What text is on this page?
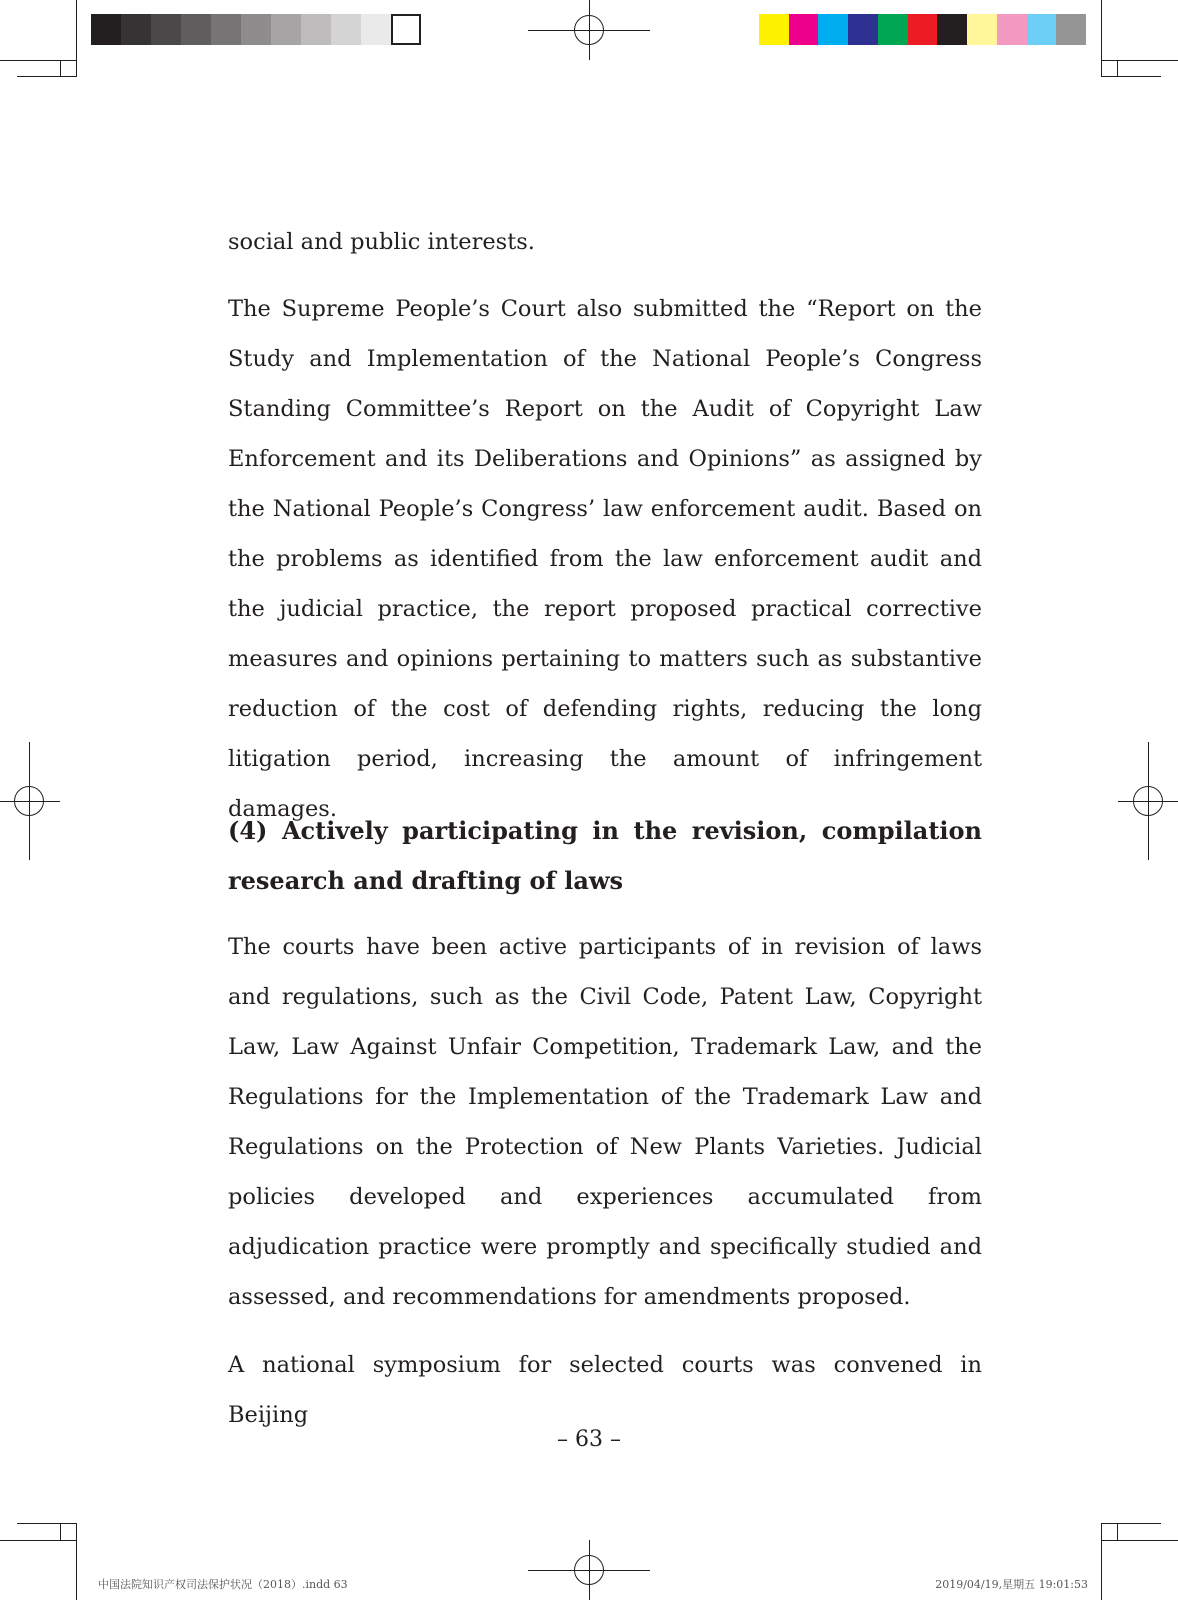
social and public interests.

The Supreme People’s Court also submitted the “Report on the Study and Implementation of the National People’s Congress Standing Committee’s Report on the Audit of Copyright Law Enforcement and its Deliberations and Opinions” as assigned by the National People’s Congress’ law enforcement audit. Based on the problems as identified from the law enforcement audit and the judicial practice, the report proposed practical corrective measures and opinions pertaining to matters such as substantive reduction of the cost of defending rights, reducing the long litigation period, increasing the amount of infringement damages.

(4) Actively participating in the revision, compilation research and drafting of laws

The courts have been active participants of in revision of laws and regulations, such as the Civil Code, Patent Law, Copyright Law, Law Against Unfair Competition, Trademark Law, and the Regulations for the Implementation of the Trademark Law and Regulations on the Protection of New Plants Varieties. Judicial policies developed and experiences accumulated from adjudication practice were promptly and specifically studied and assessed, and recommendations for amendments proposed.

A national symposium for selected courts was convened in Beijing

– 63 –
中国法院知识产权司法保护状况（2018）.indd 63	2019/04/19,星期五 19:01:53
